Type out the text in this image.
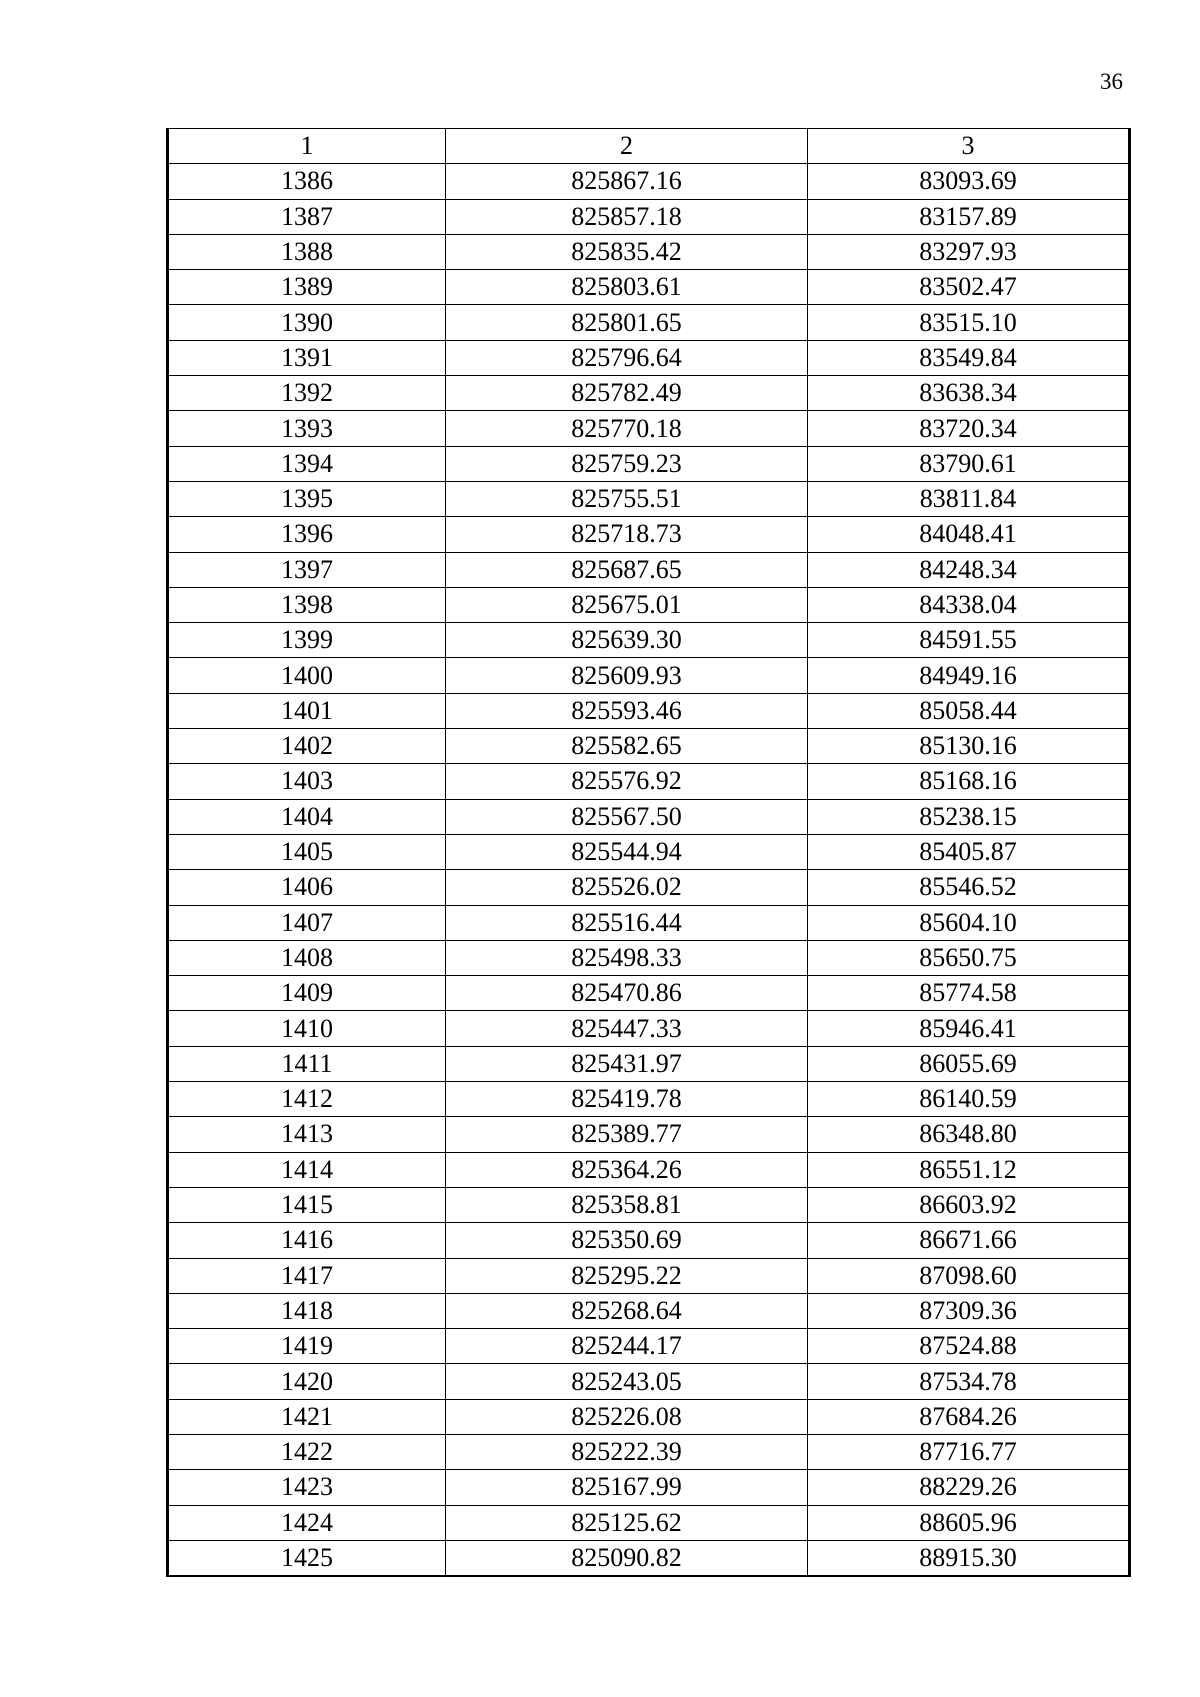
36
1	2	3
1386	825867.16	83093.69
1387	825857.18	83157.89
1388	825835.42	83297.93
1389	825803.61	83502.47
1390	825801.65	83515.10
1391	825796.64	83549.84
1392	825782.49	83638.34
1393	825770.18	83720.34
1394	825759.23	83790.61
1395	825755.51	83811.84
1396	825718.73	84048.41
1397	825687.65	84248.34
1398	825675.01	84338.04
1399	825639.30	84591.55
1400	825609.93	84949.16
1401	825593.46	85058.44
1402	825582.65	85130.16
1403	825576.92	85168.16
1404	825567.50	85238.15
1405	825544.94	85405.87
1406	825526.02	85546.52
1407	825516.44	85604.10
1408	825498.33	85650.75
1409	825470.86	85774.58
1410	825447.33	85946.41
1411	825431.97	86055.69
1412	825419.78	86140.59
1413	825389.77	86348.80
1414	825364.26	86551.12
1415	825358.81	86603.92
1416	825350.69	86671.66
1417	825295.22	87098.60
1418	825268.64	87309.36
1419	825244.17	87524.88
1420	825243.05	87534.78
1421	825226.08	87684.26
1422	825222.39	87716.77
1423	825167.99	88229.26
1424	825125.62	88605.96
1425	825090.82	88915.30
